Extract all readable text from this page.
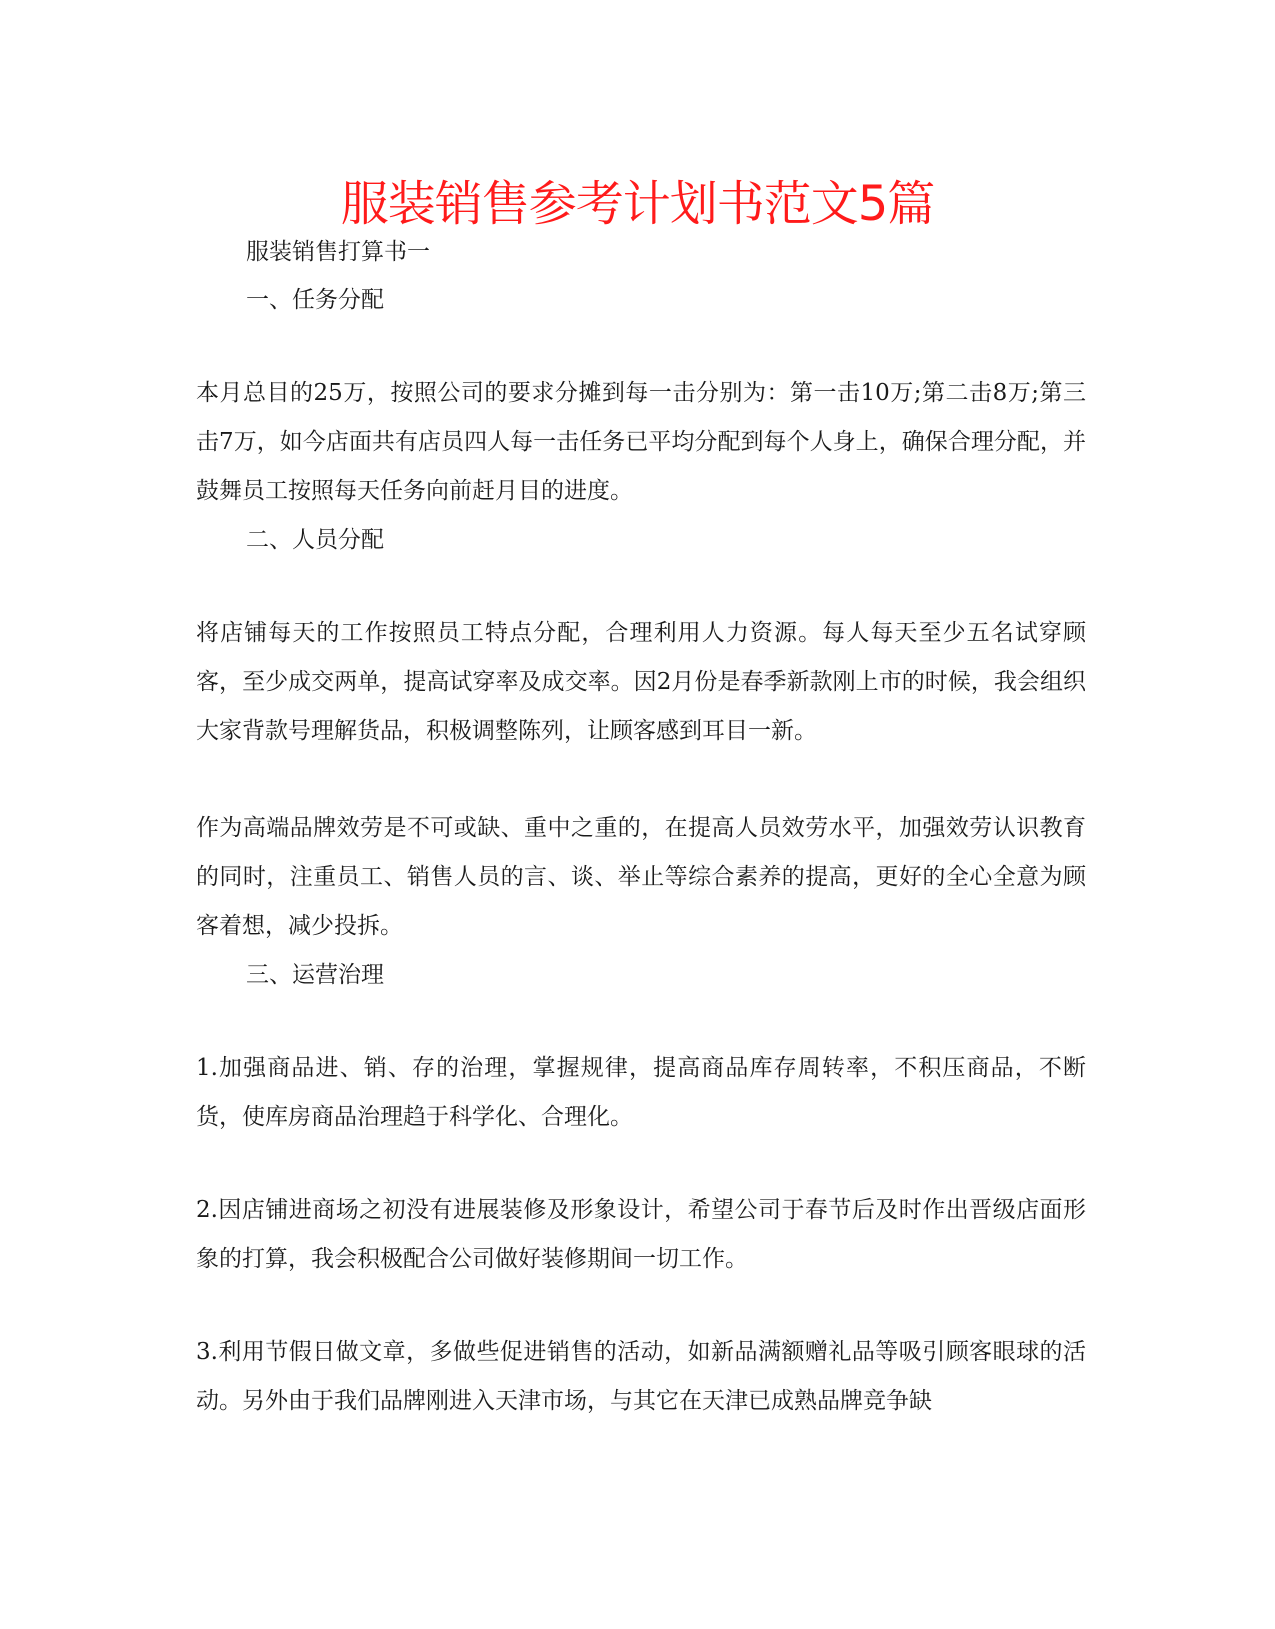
服装销售参考计划书范文5篇

服装销售打算书一

一、任务分配

本月总目的25万，按照公司的要求分摊到每一击分别为：第一击10万;第二击8万;第三击7万，如今店面共有店员四人每一击任务已平均分配到每个人身上，确保合理分配，并鼓舞员工按照每天任务向前赶月目的进度。

二、人员分配

将店铺每天的工作按照员工特点分配，合理利用人力资源。每人每天至少五名试穿顾客，至少成交两单，提高试穿率及成交率。因2月份是春季新款刚上市的时候，我会组织大家背款号理解货品，积极调整陈列，让顾客感到耳目一新。

作为高端品牌效劳是不可或缺、重中之重的，在提高人员效劳水平，加强效劳认识教育的同时，注重员工、销售人员的言、谈、举止等综合素养的提高，更好的全心全意为顾客着想，减少投拆。

三、运营治理

1.加强商品进、销、存的治理，掌握规律，提高商品库存周转率，不积压商品，不断货，使库房商品治理趋于科学化、合理化。

2.因店铺进商场之初没有进展装修及形象设计，希望公司于春节后及时作出晋级店面形象的打算，我会积极配合公司做好装修期间一切工作。

3.利用节假日做文章，多做些促进销售的活动，如新品满额赠礼品等吸引顾客眼球的活动。另外由于我们品牌刚进入天津市场，与其它在天津已成熟品牌竞争缺
